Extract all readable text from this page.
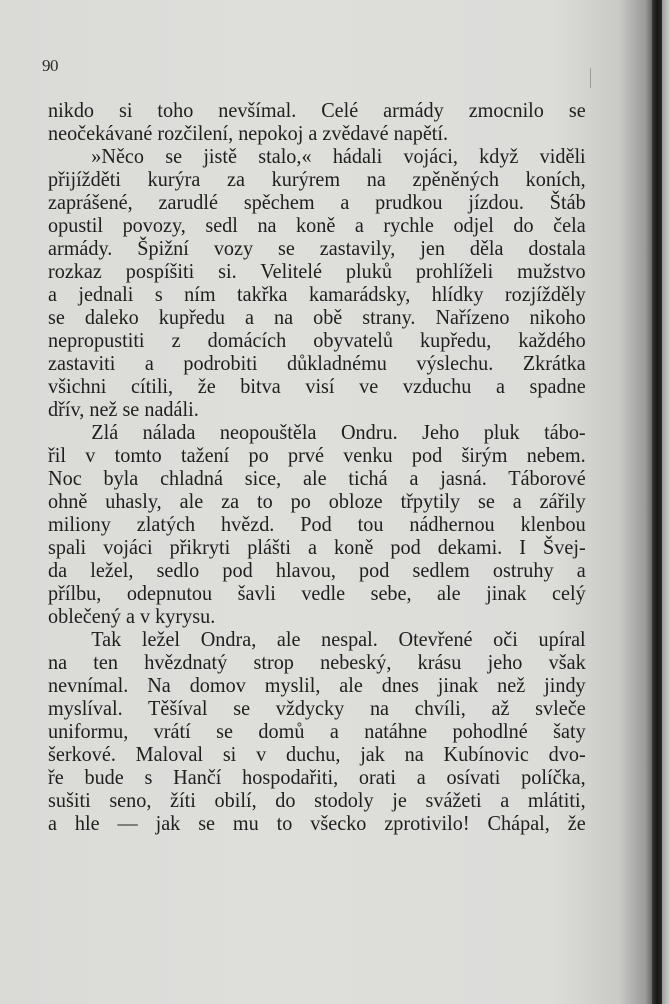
90
nikdo si toho nevšímal. Celé armády zmocnilo se
neočekávané rozčilení, nepokoj a zvědavé napětí.
»Něco se jistě stalo,« hádali vojáci, když viděli
přijížděti kurýra za kurýrem na zpěněných koních,
zaprášené, zarudlé spěchem a prudkou jízdou. Štáb
opustil povozy, sedl na koně a rychle odjel do čela
armády. Špižní vozy se zastavily, jen děla dostala
rozkaz pospíšiti si. Velitelé pluků prohlíželi mužstvo
a jednali s ním takřka kamarádsky, hlídky rozjížděly
se daleko kupředu a na obě strany. Nařízeno nikoho
nepropustiti z domácích obyvatelů kupředu, každého
zastaviti a podrobiti důkladnému výslechu. Zkrátka
všichni cítili, že bitva visí ve vzduchu a spadne
dřív, než se nadáli.
Zlá nálada neopouštěla Ondru. Jeho pluk tábo-
řil v tomto tažení po prvé venku pod širým nebem.
Noc byla chladná sice, ale tichá a jasná. Táborové
ohně uhasly, ale za to po obloze třpytily se a zářily
miliony zlatých hvězd. Pod tou nádhernou klenbou
spali vojáci přikryti plášti a koně pod dekami. I Švej-
da ležel, sedlo pod hlavou, pod sedlem ostruhy a
přílbu, odepnutou šavli vedle sebe, ale jinak celý
oblečený a v kyrysu.
Tak ležel Ondra, ale nespal. Otevřené oči upíral
na ten hvězdnatý strop nebeský, krásu jeho však
nevnímal. Na domov myslil, ale dnes jinak než jindy
myslíval. Těšíval se vždycky na chvíli, až svleče
uniformu, vrátí se domů a natáhne pohodlné šaty
šerkové. Maloval si v duchu, jak na Kubínovic dvo-
ře bude s Hančí hospodařiti, orati a osívati políčka,
sušiti seno, žíti obilí, do stodoly je svážeti a mlátiti,
a hle — jak se mu to všecko zprotivilo! Chápal, že
